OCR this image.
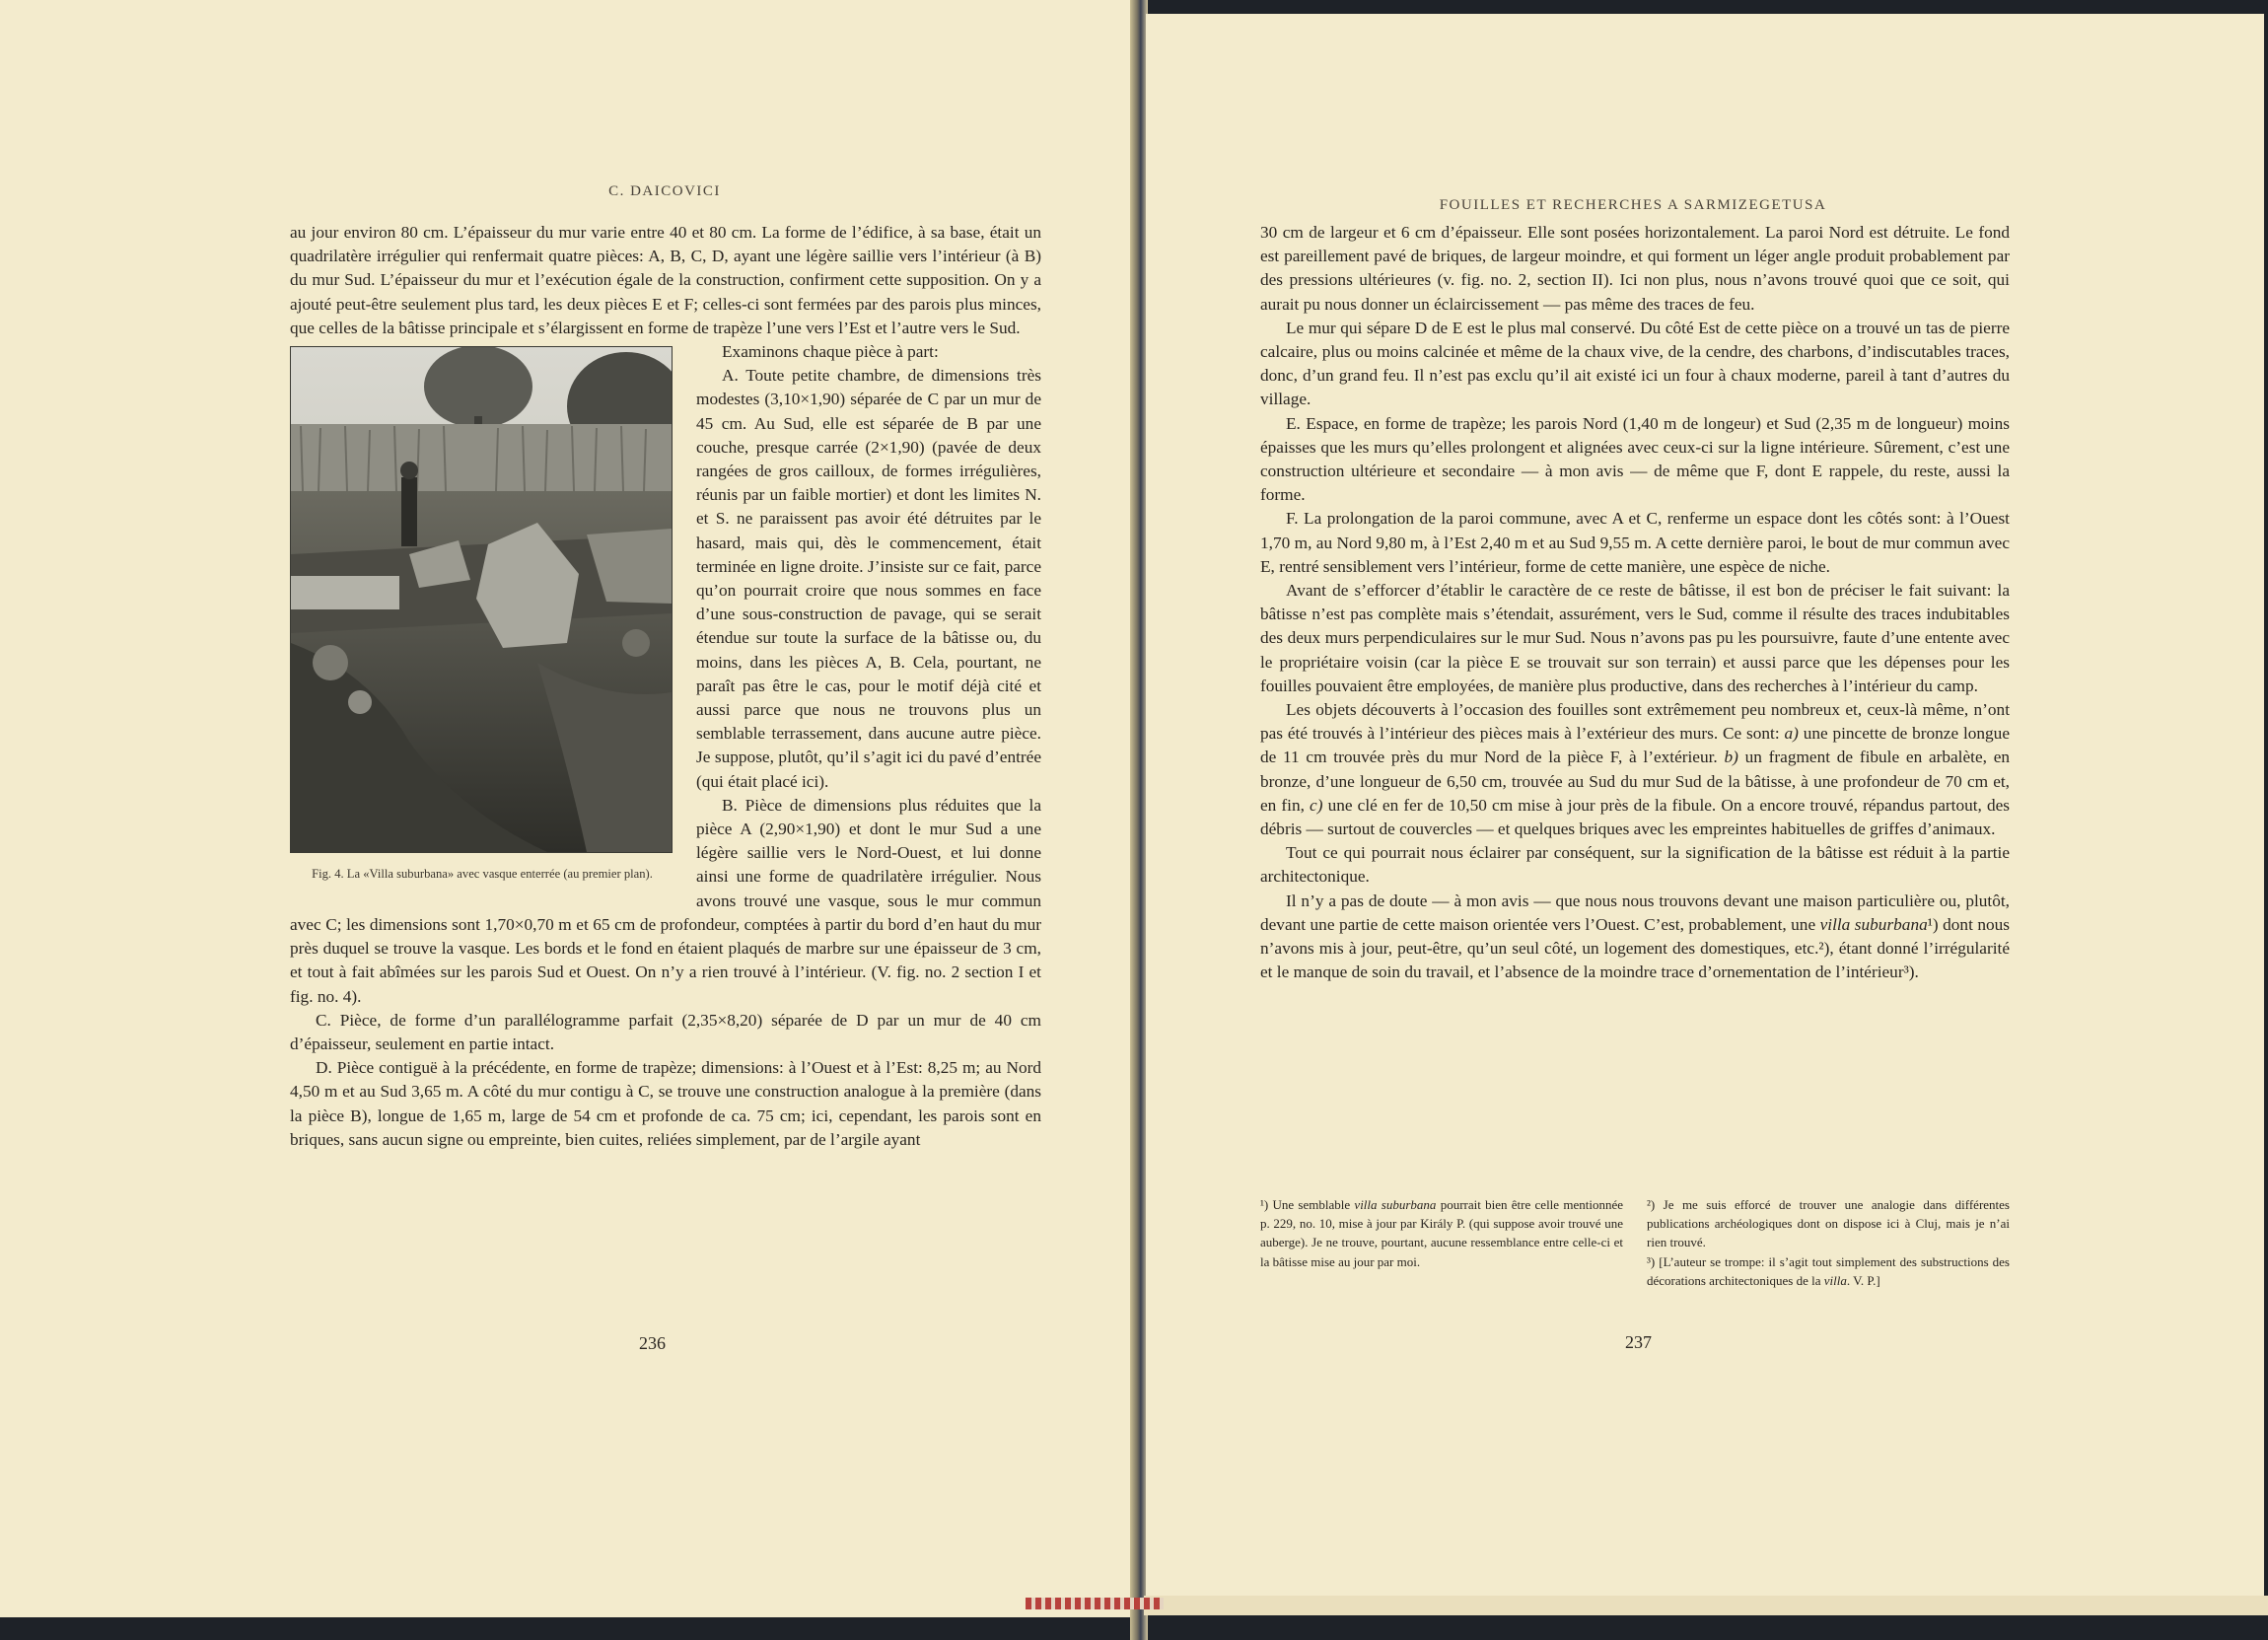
C. DAICOVICI

au jour environ 80 cm. L’épaisseur du mur varie entre 40 et 80 cm. La forme de l’édifice, à sa base, était un quadrilatère irrégulier qui renfermait quatre pièces: A, B, C, D, ayant une légère saillie vers l’intérieur (à B) du mur Sud. L’épaisseur du mur et l’exécution égale de la construction, confirment cette supposition. On y a ajouté peut-être seulement plus tard, les deux pièces E et F; celles-ci sont fermées par des parois plus minces, que celles de la bâtisse principale et s’élargissent en forme de trapèze l’une vers l’Est et l’autre vers le Sud.

Fig. 4. La «Villa suburbana» avec vasque enterrée (au premier plan).

Examinons chaque pièce à part:

A. Toute petite chambre, de dimensions très modestes (3,10×1,90) séparée de C par un mur de 45 cm. Au Sud, elle est séparée de B par une couche, presque carrée (2×1,90) (pavée de deux rangées de gros cailloux, de formes irrégulières, réunis par un faible mortier) et dont les limites N. et S. ne paraissent pas avoir été détruites par le hasard, mais qui, dès le commencement, était terminée en ligne droite. J’insiste sur ce fait, parce qu’on pourrait croire que nous sommes en face d’une sous-construction de pavage, qui se serait étendue sur toute la surface de la bâtisse ou, du moins, dans les pièces A, B. Cela, pourtant, ne paraît pas être le cas, pour le motif déjà cité et aussi parce que nous ne trouvons plus un semblable terrassement, dans aucune autre pièce. Je suppose, plutôt, qu’il s’agit ici du pavé d’entrée (qui était placé ici).

B. Pièce de dimensions plus réduites que la pièce A (2,90×1,90) et dont le mur Sud a une légère saillie vers le Nord-Ouest, et lui donne ainsi une forme de quadrilatère irrégulier. Nous avons trouvé une vasque, sous le mur commun avec C; les dimensions sont 1,70×0,70 m et 65 cm de profondeur, comptées à partir du bord d’en haut du mur près duquel se trouve la vasque. Les bords et le fond en étaient plaqués de marbre sur une épaisseur de 3 cm, et tout à fait abîmées sur les parois Sud et Ouest. On n’y a rien trouvé à l’intérieur. (V. fig. no. 2 section I et fig. no. 4).

C. Pièce, de forme d’un parallélogramme parfait (2,35×8,20) séparée de D par un mur de 40 cm d’épaisseur, seulement en partie intact.

D. Pièce contiguë à la précédente, en forme de trapèze; dimensions: à l’Ouest et à l’Est: 8,25 m; au Nord 4,50 m et au Sud 3,65 m. A côté du mur contigu à C, se trouve une construction analogue à la première (dans la pièce B), longue de 1,65 m, large de 54 cm et profonde de ca. 75 cm; ici, cependant, les parois sont en briques, sans aucun signe ou empreinte, bien cuites, reliées simplement, par de l’argile ayant

236
FOUILLES ET RECHERCHES A SARMIZEGETUSA

30 cm de largeur et 6 cm d’épaisseur. Elle sont posées horizontalement. La paroi Nord est détruite. Le fond est pareillement pavé de briques, de largeur moindre, et qui forment un léger angle produit probablement par des pressions ultérieures (v. fig. no. 2, section II). Ici non plus, nous n’avons trouvé quoi que ce soit, qui aurait pu nous donner un éclaircissement — pas même des traces de feu.

Le mur qui sépare D de E est le plus mal conservé. Du côté Est de cette pièce on a trouvé un tas de pierre calcaire, plus ou moins calcinée et même de la chaux vive, de la cendre, des charbons, d’indiscutables traces, donc, d’un grand feu. Il n’est pas exclu qu’il ait existé ici un four à chaux moderne, pareil à tant d’autres du village.

E. Espace, en forme de trapèze; les parois Nord (1,40 m de longeur) et Sud (2,35 m de longueur) moins épaisses que les murs qu’elles prolongent et alignées avec ceux-ci sur la ligne intérieure. Sûrement, c’est une construction ultérieure et secondaire — à mon avis — de même que F, dont E rappele, du reste, aussi la forme.

F. La prolongation de la paroi commune, avec A et C, renferme un espace dont les côtés sont: à l’Ouest 1,70 m, au Nord 9,80 m, à l’Est 2,40 m et au Sud 9,55 m. A cette dernière paroi, le bout de mur commun avec E, rentré sensiblement vers l’intérieur, forme de cette manière, une espèce de niche.

Avant de s’efforcer d’établir le caractère de ce reste de bâtisse, il est bon de préciser le fait suivant: la bâtisse n’est pas complète mais s’étendait, assurément, vers le Sud, comme il résulte des traces indubitables des deux murs perpendiculaires sur le mur Sud. Nous n’avons pas pu les poursuivre, faute d’une entente avec le propriétaire voisin (car la pièce E se trouvait sur son terrain) et aussi parce que les dépenses pour les fouilles pouvaient être employées, de manière plus productive, dans des recherches à l’intérieur du camp.

Les objets découverts à l’occasion des fouilles sont extrêmement peu nombreux et, ceux-là même, n’ont pas été trouvés à l’intérieur des pièces mais à l’extérieur des murs. Ce sont: a) une pincette de bronze longue de 11 cm trouvée près du mur Nord de la pièce F, à l’extérieur. b) un fragment de fibule en arbalète, en bronze, d’une longueur de 6,50 cm, trouvée au Sud du mur Sud de la bâtisse, à une profondeur de 70 cm et, en fin, c) une clé en fer de 10,50 cm mise à jour près de la fibule. On a encore trouvé, répandus partout, des débris — surtout de couvercles — et quelques briques avec les empreintes habituelles de griffes d’animaux.

Tout ce qui pourrait nous éclairer par conséquent, sur la signification de la bâtisse est réduit à la partie architectonique.

Il n’y a pas de doute — à mon avis — que nous nous trouvons devant une maison particulière ou, plutôt, devant une partie de cette maison orientée vers l’Ouest. C’est, probablement, une villa suburbana¹) dont nous n’avons mis à jour, peut-être, qu’un seul côté, un logement des domestiques, etc.²), étant donné l’irrégularité et le manque de soin du travail, et l’absence de la moindre trace d’ornementation de l’intérieur³).

¹) Une semblable villa suburbana pourrait bien être celle mentionnée p. 229, no. 10, mise à jour par Király P. (qui suppose avoir trouvé une auberge). Je ne trouve, pourtant, aucune ressemblance entre celle-ci et la bâtisse mise au jour par moi.

²) Je me suis efforcé de trouver une analogie dans différentes publications archéologiques dont on dispose ici à Cluj, mais je n’ai rien trouvé.

³) [L’auteur se trompe: il s’agit tout simplement des substructions des décorations architectoniques de la villa. V. P.]

237
